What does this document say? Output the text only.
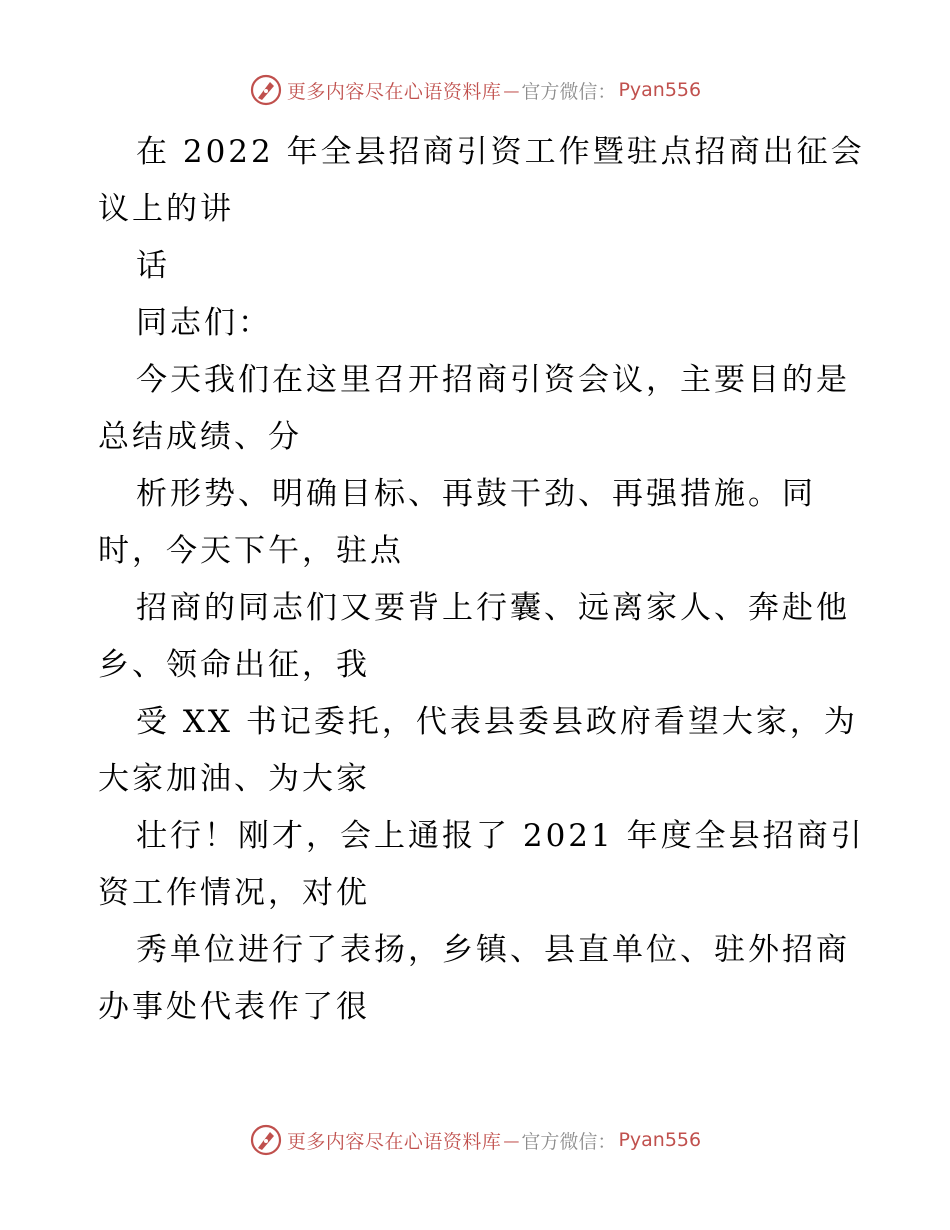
更多内容尽在心语资料库 — 官方微信： Pyan556
在 2022 年全县招商引资工作暨驻点招商出征会
议上的讲
话
同志们：
今天我们在这里召开招商引资会议，主要目的是
总结成绩、分
析形势、明确目标、再鼓干劲、再强措施。同
时，今天下午，驻点
招商的同志们又要背上行囊、远离家人、奔赴他
乡、领命出征，我
受 XX 书记委托，代表县委县政府看望大家，为
大家加油、为大家
壮行！刚才，会上通报了 2021 年度全县招商引
资工作情况，对优
秀单位进行了表扬，乡镇、县直单位、驻外招商
办事处代表作了很
更多内容尽在心语资料库 — 官方微信： Pyan556
